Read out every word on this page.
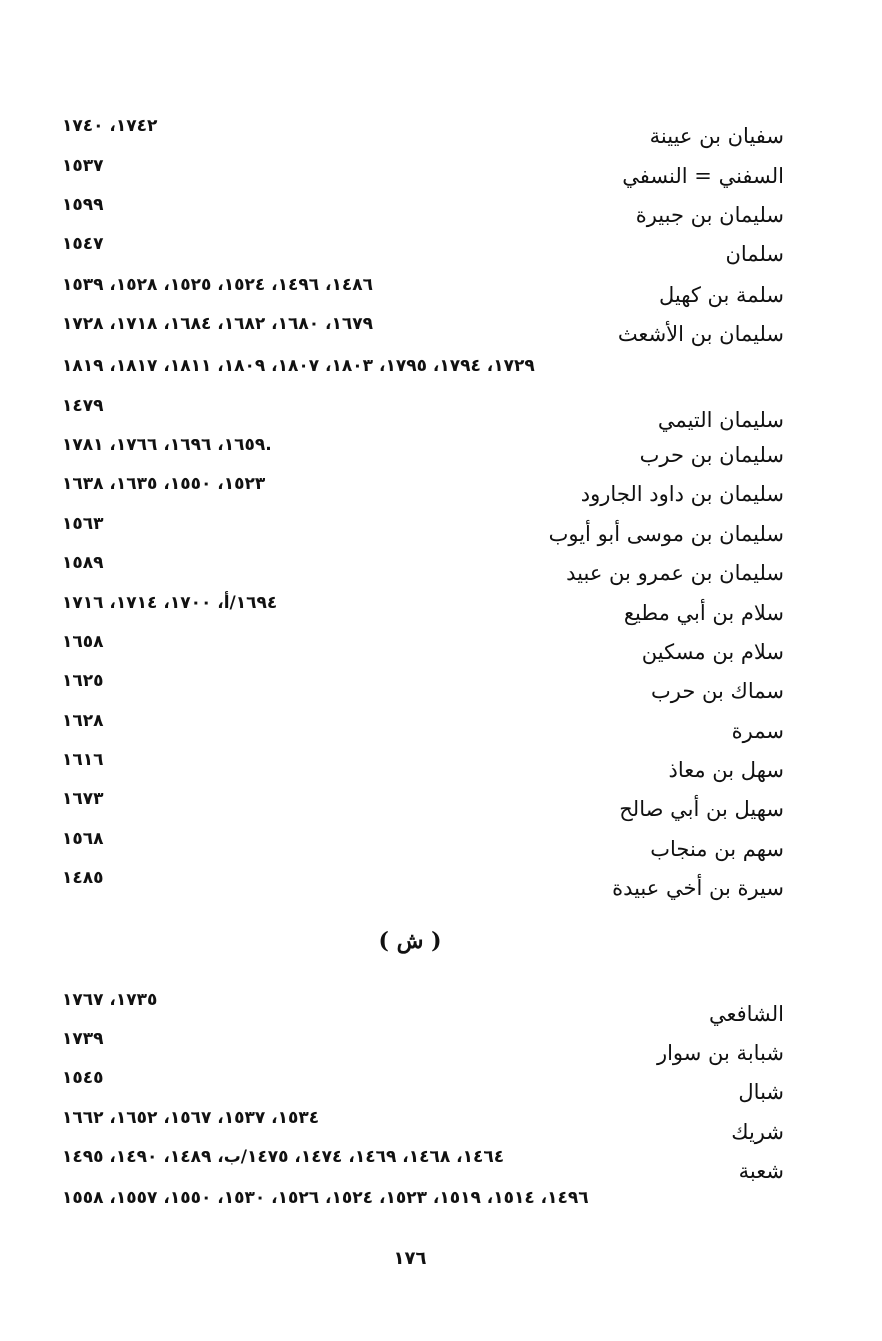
سفيان بن عيينة
١٧٤٢، ١٧٤٠
السفني = النسفي
١٥٣٧
سليمان بن جبيرة
١٥٩٩
سلمان
١٥٤٧
سلمة بن كهيل
١٤٨٦، ١٤٩٦، ١٥٢٤، ١٥٢٥، ١٥٢٨، ١٥٣٩
سليمان بن الأشعث
١٦٧٩، ١٦٨٠، ١٦٨٢، ١٦٨٤، ١٧١٨، ١٧٢٨
١٧٢٩، ١٧٩٤، ١٧٩٥، ١٨٠٣، ١٨٠٧، ١٨٠٩، ١٨١١، ١٨١٧، ١٨١٩
سليمان التيمي
١٤٧٩
سليمان بن حرب
١٦٥٩، ١٦٩٦، ١٧٦٦، ١٧٨١.
سليمان بن داود الجارود
١٥٢٣، ١٥٥٠، ١٦٣٥، ١٦٣٨
سليمان بن موسى أبو أيوب
١٥٦٣
سليمان بن عمرو بن عبيد
١٥٨٩
سلام بن أبي مطيع
١٦٩٤/أ، ١٧٠٠، ١٧١٤، ١٧١٦
سلام بن مسكين
١٦٥٨
سماك بن حرب
١٦٢٥
سمرة
١٦٢٨
سهل بن معاذ
١٦١٦
سهيل بن أبي صالح
١٦٧٣
سهم بن منجاب
١٥٦٨
سيرة بن أخي عبيدة
١٤٨٥
( ش )
الشافعي
١٧٣٥، ١٧٦٧
شبابة بن سوار
١٧٣٩
شبال
١٥٤٥
شريك
١٥٣٤، ١٥٣٧، ١٥٦٧، ١٦٥٢، ١٦٦٢
شعبة
١٤٦٤، ١٤٦٨، ١٤٦٩، ١٤٧٤، ١٤٧٥/ب، ١٤٨٩، ١٤٩٠، ١٤٩٥
١٤٩٦، ١٥١٤، ١٥١٩، ١٥٢٣، ١٥٢٤، ١٥٢٦، ١٥٣٠، ١٥٥٠، ١٥٥٧، ١٥٥٨
١٧٦
